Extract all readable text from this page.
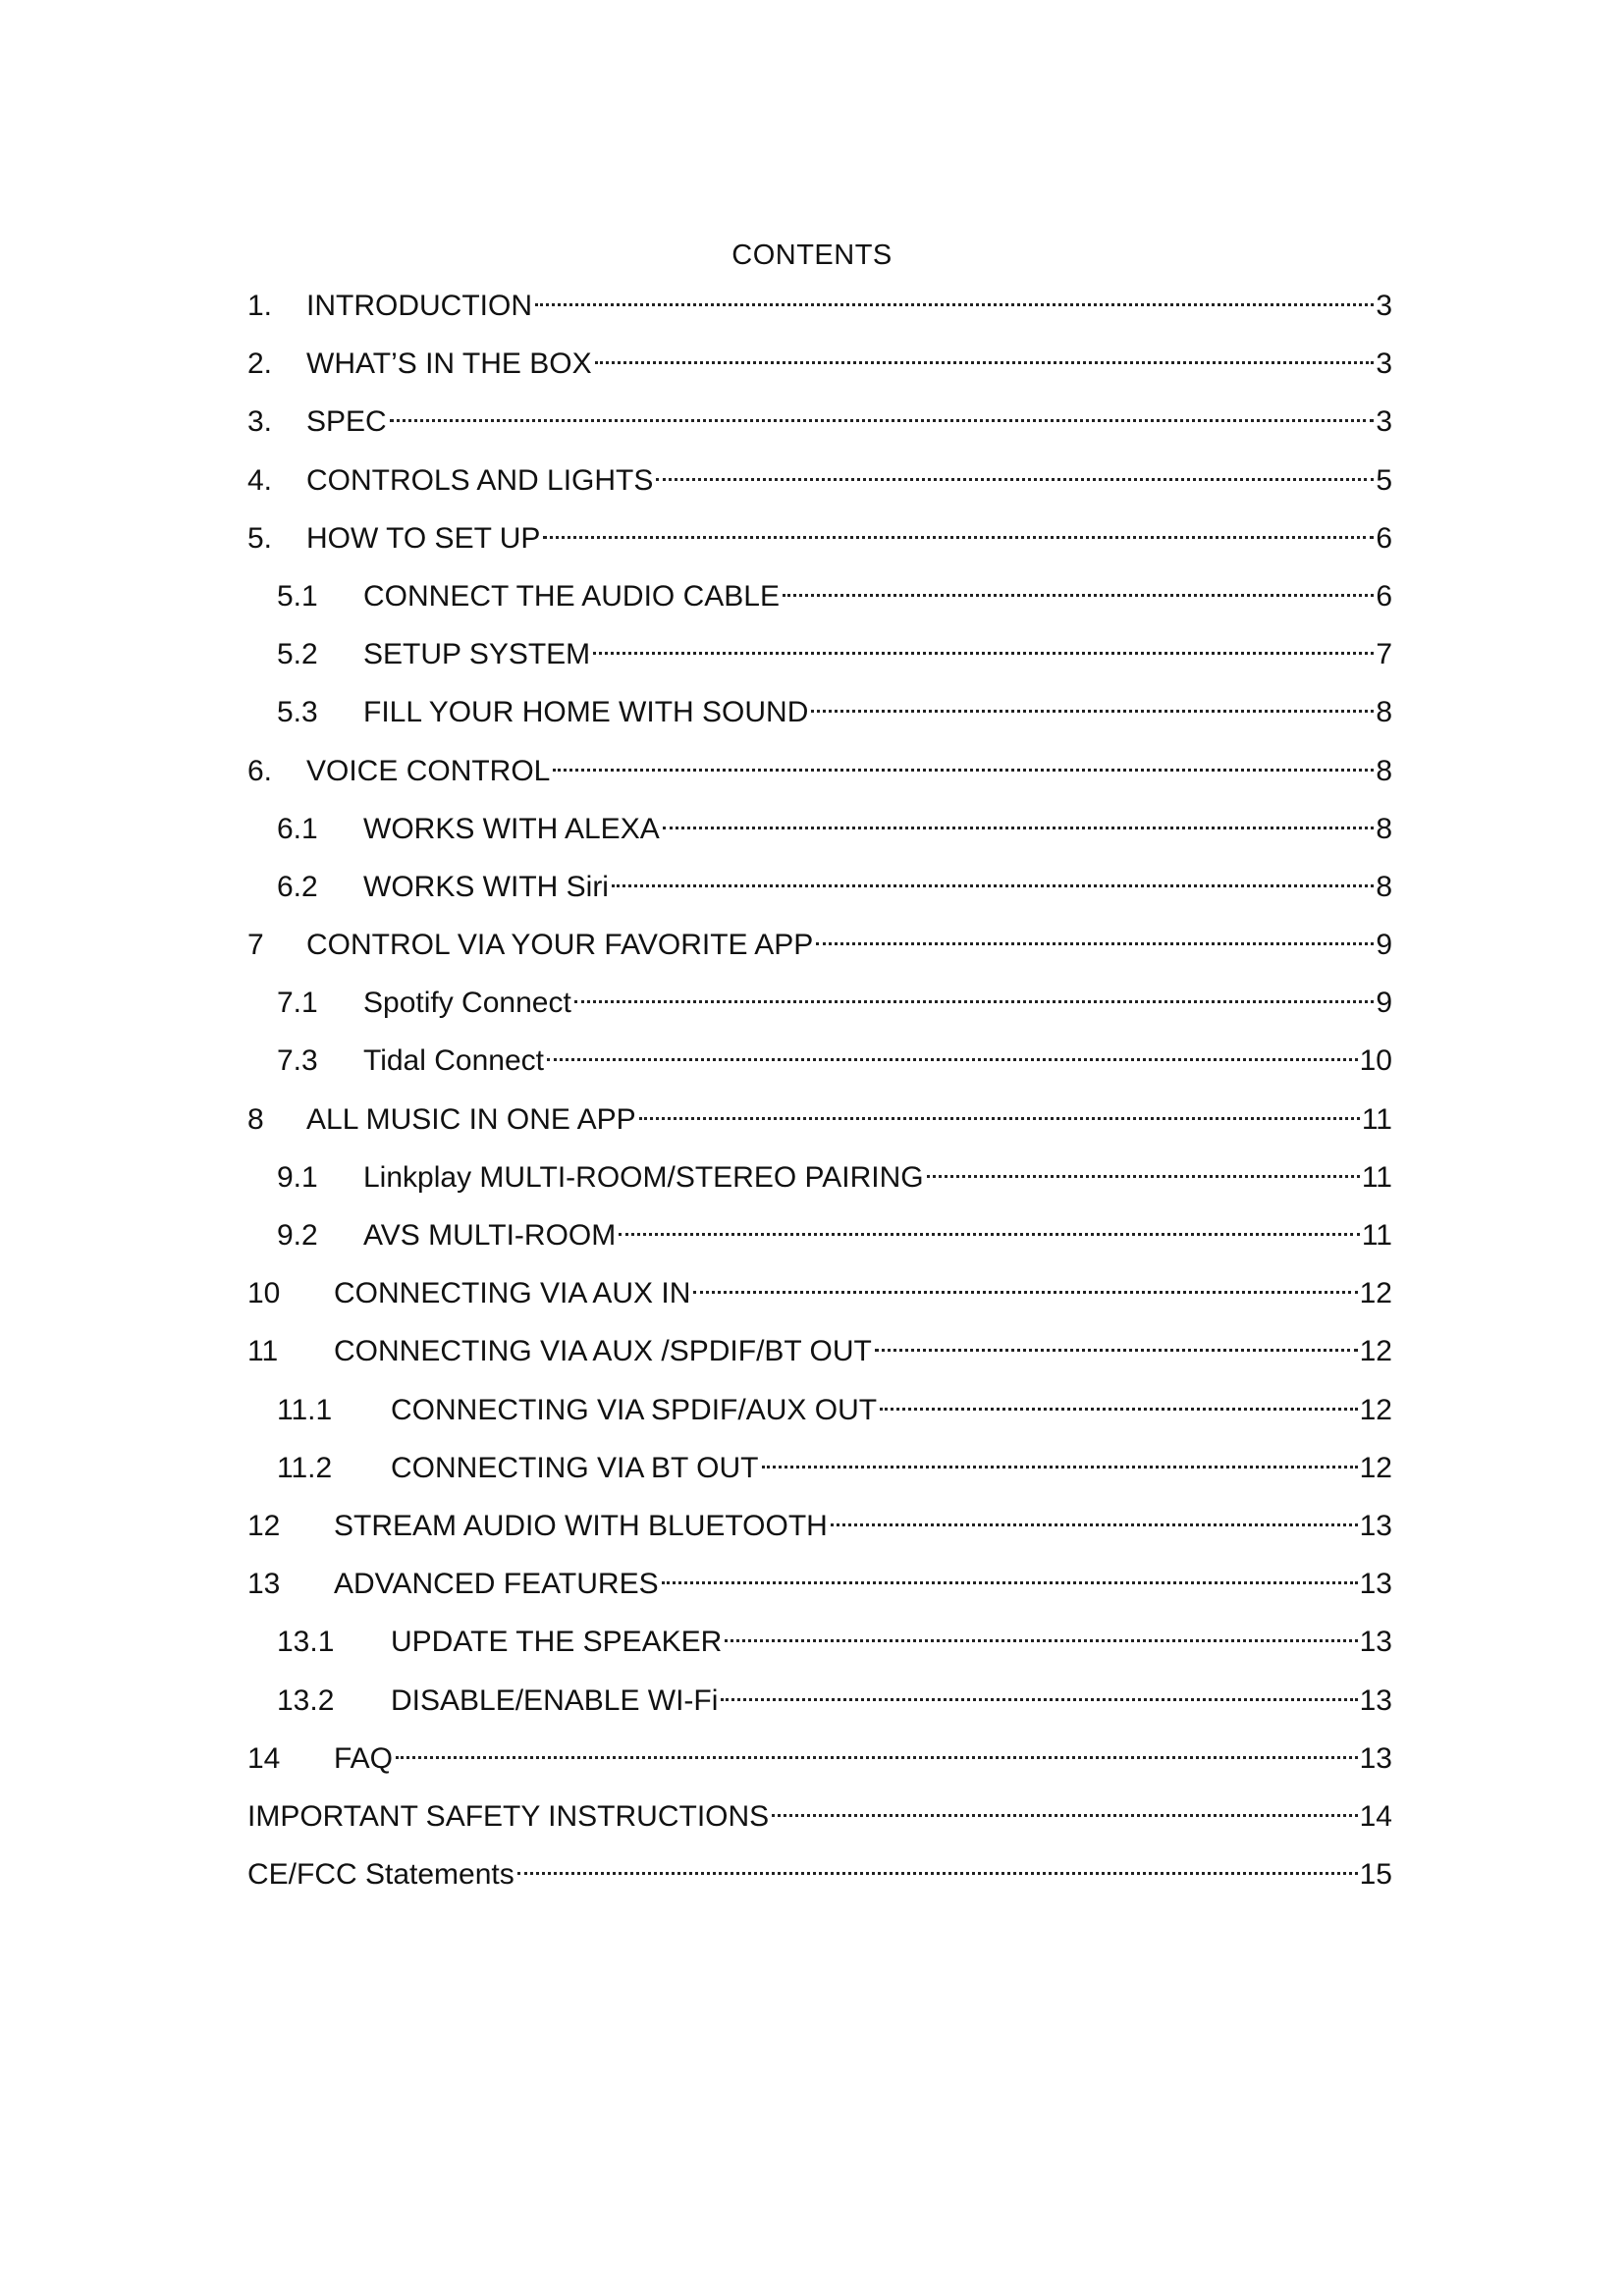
CONTENTS
1.	INTRODUCTION	3
2.	WHAT’S IN THE BOX	3
3.	SPEC	3
4.	CONTROLS AND LIGHTS	5
5.	HOW TO SET UP	6
5.1	CONNECT THE AUDIO CABLE	6
5.2	SETUP SYSTEM	7
5.3	FILL YOUR HOME WITH SOUND	8
6.	VOICE CONTROL	8
6.1	WORKS WITH ALEXA	8
6.2	WORKS WITH Siri	8
7	CONTROL VIA YOUR FAVORITE APP	9
7.1	Spotify Connect	9
7.3	Tidal Connect	10
8	ALL MUSIC IN ONE APP	11
9.1	Linkplay MULTI-ROOM/STEREO PAIRING	11
9.2	AVS MULTI-ROOM	11
10	CONNECTING VIA AUX IN	12
11	CONNECTING VIA AUX /SPDIF/BT OUT	12
11.1	CONNECTING VIA SPDIF/AUX OUT	12
11.2	CONNECTING VIA BT OUT	12
12	STREAM AUDIO WITH BLUETOOTH	13
13	ADVANCED FEATURES	13
13.1	UPDATE THE SPEAKER	13
13.2	DISABLE/ENABLE WI-Fi	13
14	FAQ	13
IMPORTANT SAFETY INSTRUCTIONS	14
CE/FCC Statements	15
